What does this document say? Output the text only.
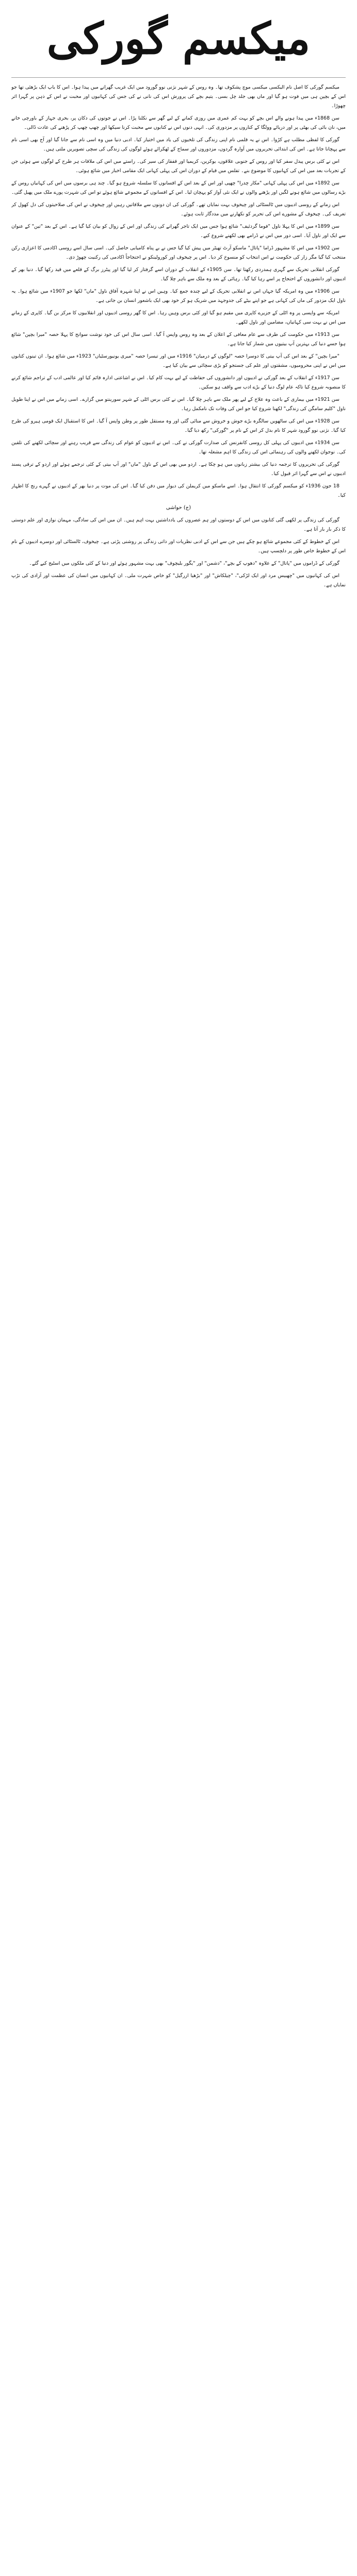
میکسم گورکی

میکسم گورکی کا اصل نام الیکسی میکسی موچ پشکوف تھا۔ وہ روس کے شہر نژنی نوو گورود میں ایک غریب گھرانے میں پیدا ہوا۔ اس کا باپ ایک بڑھئی تھا جو اس کے بچپن ہی میں فوت ہو گیا اور ماں بھی جلد چل بسی۔ یتیم بچے کی پرورش اس کی نانی نے کی جس کی کہانیوں اور محبت نے اس کے ذہن پر گہرا اثر چھوڑا۔

سن 1868ء میں پیدا ہونے والے اس بچے کو بہت کم عمری میں روزی کمانے کے لیے گھر سے نکلنا پڑا۔ اس نے جوتوں کی دکان پر، بحری جہاز کے باورچی خانے میں، نان بائی کی بھٹی پر اور دریائے وولگا کے کناروں پر مزدوری کی۔ انہی دنوں اس نے کتابوں سے محبت کرنا سیکھا اور چھپ چھپ کر پڑھنے کی عادت ڈالی۔

گورکی کا لفظی مطلب ہے کڑوا۔ اس نے یہ قلمی نام اپنی زندگی کی تلخیوں کی یاد میں اختیار کیا۔ ادبی دنیا میں وہ اسی نام سے جانا گیا اور آج بھی اسی نام سے پہچانا جاتا ہے۔ اس کی ابتدائی تحریروں میں آوارہ گردوں، مزدوروں اور سماج کے ٹھکرائے ہوئے لوگوں کی زندگی کی سچی تصویریں ملتی ہیں۔

اس نے کئی برس پیدل سفر کیا اور روس کے جنوبی علاقوں، یوکرین، کریمیا اور قفقاز کی سیر کی۔ راستے میں اس کی ملاقات ہر طرح کے لوگوں سے ہوئی جن کے تجربات بعد میں اس کی کہانیوں کا موضوع بنے۔ تفلس میں قیام کے دوران اس کی پہلی کہانی ایک مقامی اخبار میں شائع ہوئی۔

سن 1892ء میں اس کی پہلی کہانی "مکار چدرا" چھپی اور اس کے بعد اس کے افسانوں کا سلسلہ شروع ہو گیا۔ چند ہی برسوں میں اس کی کہانیاں روس کے بڑے رسالوں میں شائع ہونے لگیں اور پڑھنے والوں نے ایک نئی آواز کو پہچان لیا۔ اس کے افسانوں کے مجموعے شائع ہوئے تو اس کی شہرت پورے ملک میں پھیل گئی۔

اس زمانے کے روسی ادیبوں میں ٹالسٹائی اور چیخوف بہت نمایاں تھے۔ گورکی کی ان دونوں سے ملاقاتیں رہیں اور چیخوف نے اس کی صلاحیتوں کی دل کھول کر تعریف کی۔ چیخوف کے مشورے اس کی تحریر کو نکھارنے میں مددگار ثابت ہوئے۔

سن 1899ء میں اس کا پہلا ناول "فوما گردئیف" شائع ہوا جس میں ایک تاجر گھرانے کی زندگی اور اس کے زوال کو بیان کیا گیا ہے۔ اس کے بعد "تین" کے عنوان سے ایک اور ناول آیا۔ اسی دور میں اس نے ڈرامے بھی لکھنے شروع کیے۔

سن 1902ء میں اس کا مشہور ڈراما "پاتال" ماسکو آرٹ تھیٹر میں پیش کیا گیا جس نے بے پناہ کامیابی حاصل کی۔ اسی سال اسے روسی اکادمی کا اعزازی رکن منتخب کیا گیا مگر زار کی حکومت نے اس انتخاب کو منسوخ کر دیا۔ اس پر چیخوف اور کورولینکو نے احتجاجاً اکادمی کی رکنیت چھوڑ دی۔

گورکی انقلابی تحریک سے گہری ہمدردی رکھتا تھا۔ سن 1905ء کے انقلاب کے دوران اسے گرفتار کر لیا گیا اور پیٹرز برگ کے قلعے میں قید رکھا گیا۔ دنیا بھر کے ادیبوں اور دانشوروں کے احتجاج پر اسے رہا کیا گیا۔ رہائی کے بعد وہ ملک سے باہر چلا گیا۔

سن 1906ء میں وہ امریکہ گیا جہاں اس نے انقلابی تحریک کے لیے چندہ جمع کیا۔ وہیں اس نے اپنا شہرہ آفاق ناول "ماں" لکھا جو 1907ء میں شائع ہوا۔ یہ ناول ایک مزدور کی ماں کی کہانی ہے جو اپنے بیٹے کی جدوجہد میں شریک ہو کر خود بھی ایک باشعور انسان بن جاتی ہے۔

امریکہ سے واپسی پر وہ اٹلی کے جزیرے کاپری میں مقیم ہو گیا اور کئی برس وہیں رہا۔ اس کا گھر روسی ادیبوں اور انقلابیوں کا مرکز بن گیا۔ کاپری کے زمانے میں اس نے بہت سی کہانیاں، مضامین اور ناول لکھے۔

سن 1913ء میں حکومت کی طرف سے عام معافی کے اعلان کے بعد وہ روس واپس آ گیا۔ اسی سال اس کی خود نوشت سوانح کا پہلا حصہ "میرا بچپن" شائع ہوا جسے دنیا کی بہترین آپ بیتیوں میں شمار کیا جاتا ہے۔

"میرا بچپن" کے بعد اس کی آپ بیتی کا دوسرا حصہ "لوگوں کے درمیان" 1916ء میں اور تیسرا حصہ "میری یونیورسٹیاں" 1923ء میں شائع ہوا۔ ان تینوں کتابوں میں اس نے اپنی محرومیوں، مشقتوں اور علم کی جستجو کو بڑی سچائی سے بیان کیا ہے۔

سن 1917ء کے انقلاب کے بعد گورکی نے ادیبوں اور دانشوروں کی حفاظت کے لیے بہت کام کیا۔ اس نے اشاعتی ادارہ قائم کیا اور عالمی ادب کے تراجم شائع کرنے کا منصوبہ شروع کیا تاکہ عام لوگ دنیا کے بڑے ادب سے واقف ہو سکیں۔

سن 1921ء میں بیماری کے باعث وہ علاج کے لیے پھر ملک سے باہر چلا گیا۔ اس نے کئی برس اٹلی کے شہر سورینتو میں گزارے۔ اسی زمانے میں اس نے اپنا طویل ناول "کلیم سامگن کی زندگی" لکھنا شروع کیا جو اس کی وفات تک نامکمل رہا۔

سن 1928ء میں اس کی ساٹھویں سالگرہ بڑے جوش و خروش سے منائی گئی اور وہ مستقل طور پر وطن واپس آ گیا۔ اس کا استقبال ایک قومی ہیرو کی طرح کیا گیا۔ نژنی نوو گورود شہر کا نام بدل کر اس کے نام پر "گورکی" رکھ دیا گیا۔

سن 1934ء میں ادیبوں کی پہلی کل روسی کانفرنس کی صدارت گورکی نے کی۔ اس نے ادیبوں کو عوام کی زندگی سے قریب رہنے اور سچائی لکھنے کی تلقین کی۔ نوجوان لکھنے والوں کی رہنمائی اس کی زندگی کا اہم مشغلہ تھا۔

گورکی کی تحریروں کا ترجمہ دنیا کی بیشتر زبانوں میں ہو چکا ہے۔ اردو میں بھی اس کے ناول "ماں" اور آپ بیتی کے کئی ترجمے ہوئے اور اردو کے ترقی پسند ادیبوں نے اس سے گہرا اثر قبول کیا۔

18 جون 1936ء کو میکسم گورکی کا انتقال ہوا۔ اسے ماسکو میں کریملن کی دیوار میں دفن کیا گیا۔ اس کی موت پر دنیا بھر کے ادیبوں نے گہرے رنج کا اظہار کیا۔

(ج) حواشی

گورکی کی زندگی پر لکھی گئی کتابوں میں اس کے دوستوں اور ہم عصروں کی یادداشتیں بہت اہم ہیں۔ ان میں اس کی سادگی، مہمان نوازی اور علم دوستی کا ذکر بار بار آتا ہے۔

اس کے خطوط کے کئی مجموعے شائع ہو چکے ہیں جن سے اس کے ادبی نظریات اور ذاتی زندگی پر روشنی پڑتی ہے۔ چیخوف، ٹالسٹائی اور دوسرے ادیبوں کے نام اس کے خطوط خاص طور پر دلچسپ ہیں۔

گورکی کے ڈراموں میں "پاتال" کے علاوہ "دھوپ کے بچے"، "دشمن" اور "یگور بلیچوف" بھی بہت مشہور ہوئے اور دنیا کے کئی ملکوں میں اسٹیج کیے گئے۔

اس کی کہانیوں میں "چھبیس مرد اور ایک لڑکی"، "چیلکاش" اور "بڑھیا ازرگیل" کو خاص شہرت ملی۔ ان کہانیوں میں انسان کی عظمت اور آزادی کی تڑپ نمایاں ہے۔
